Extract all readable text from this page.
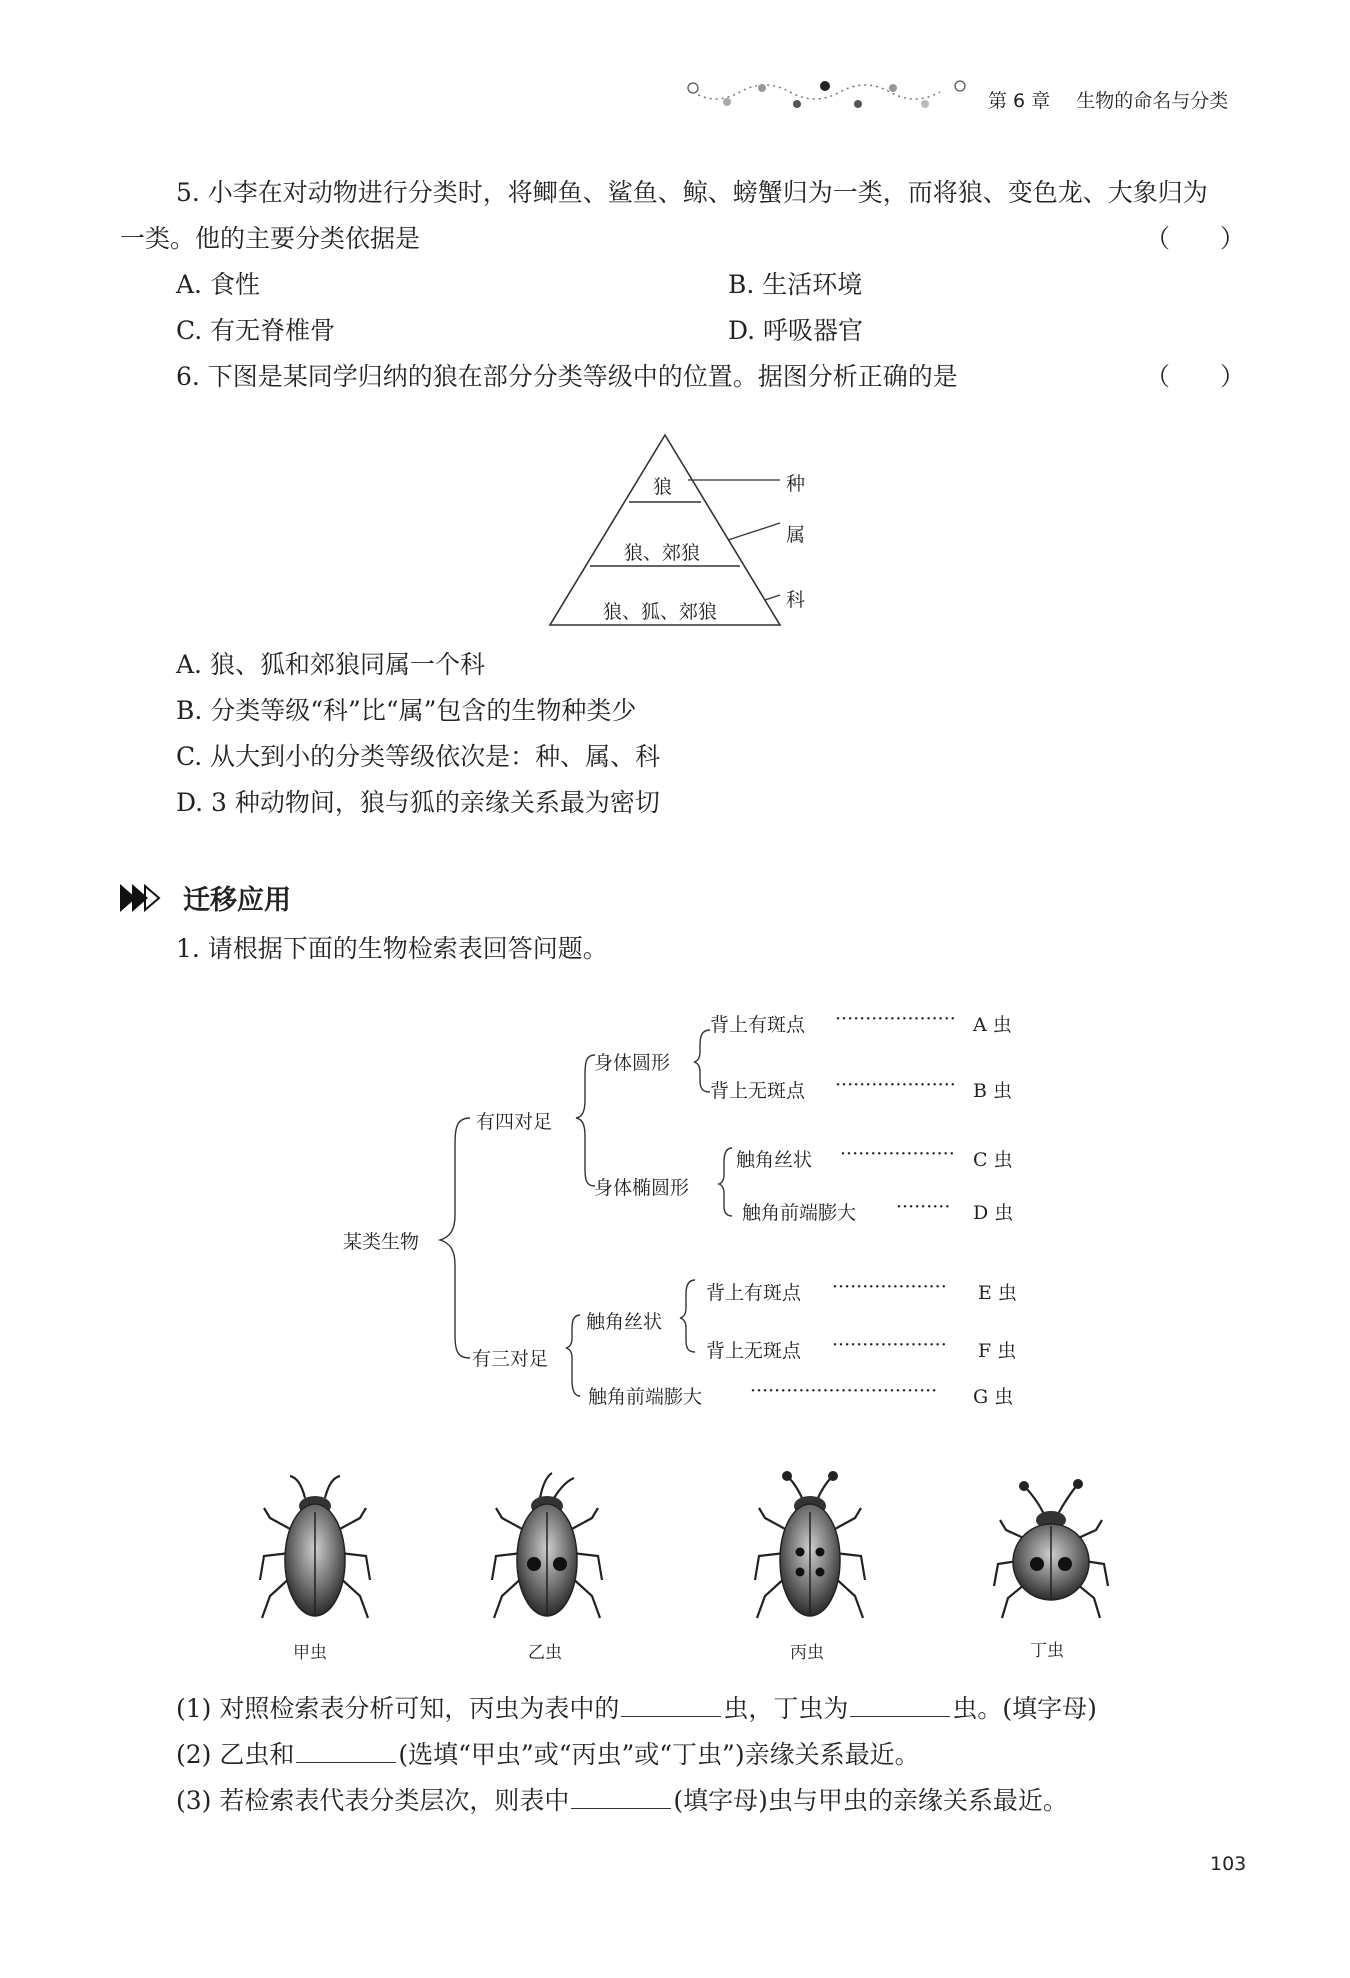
第 6 章 生物的命名与分类
5. 小李在对动物进行分类时，将鲫鱼、鲨鱼、鲸、螃蟹归为一类，而将狼、变色龙、大象归为
一类。他的主要分类依据是	（　　）
A. 食性	B. 生活环境
C. 有无脊椎骨	D. 呼吸器官
6. 下图是某同学归纳的狼在部分分类等级中的位置。据图分析正确的是	（　　）
狼
狼、郊狼
狼、狐、郊狼
种
属
科
A. 狼、狐和郊狼同属一个科
B. 分类等级“科”比“属”包含的生物种类少
C. 从大到小的分类等级依次是：种、属、科
D. 3 种动物间，狼与狐的亲缘关系最为密切
迁移应用
1. 请根据下面的生物检索表回答问题。
某类生物
有四对足
有三对足
身体圆形
身体椭圆形
触角丝状
背上有斑点 ···················· A 虫
背上无斑点 ···················· B 虫
触角丝状 ··················· C 虫
触角前端膨大 ········· D 虫
背上有斑点 ··················· E 虫
背上无斑点 ··················· F 虫
触角前端膨大	······························· G 虫
甲虫	乙虫	丙虫	丁虫
(1) 对照检索表分析可知，丙虫为表中的	虫，丁虫为	虫。(填字母)
(2) 乙虫和	(选填“甲虫”或“丙虫”或“丁虫”)亲缘关系最近。
(3) 若检索表代表分类层次，则表中	(填字母)虫与甲虫的亲缘关系最近。
103
